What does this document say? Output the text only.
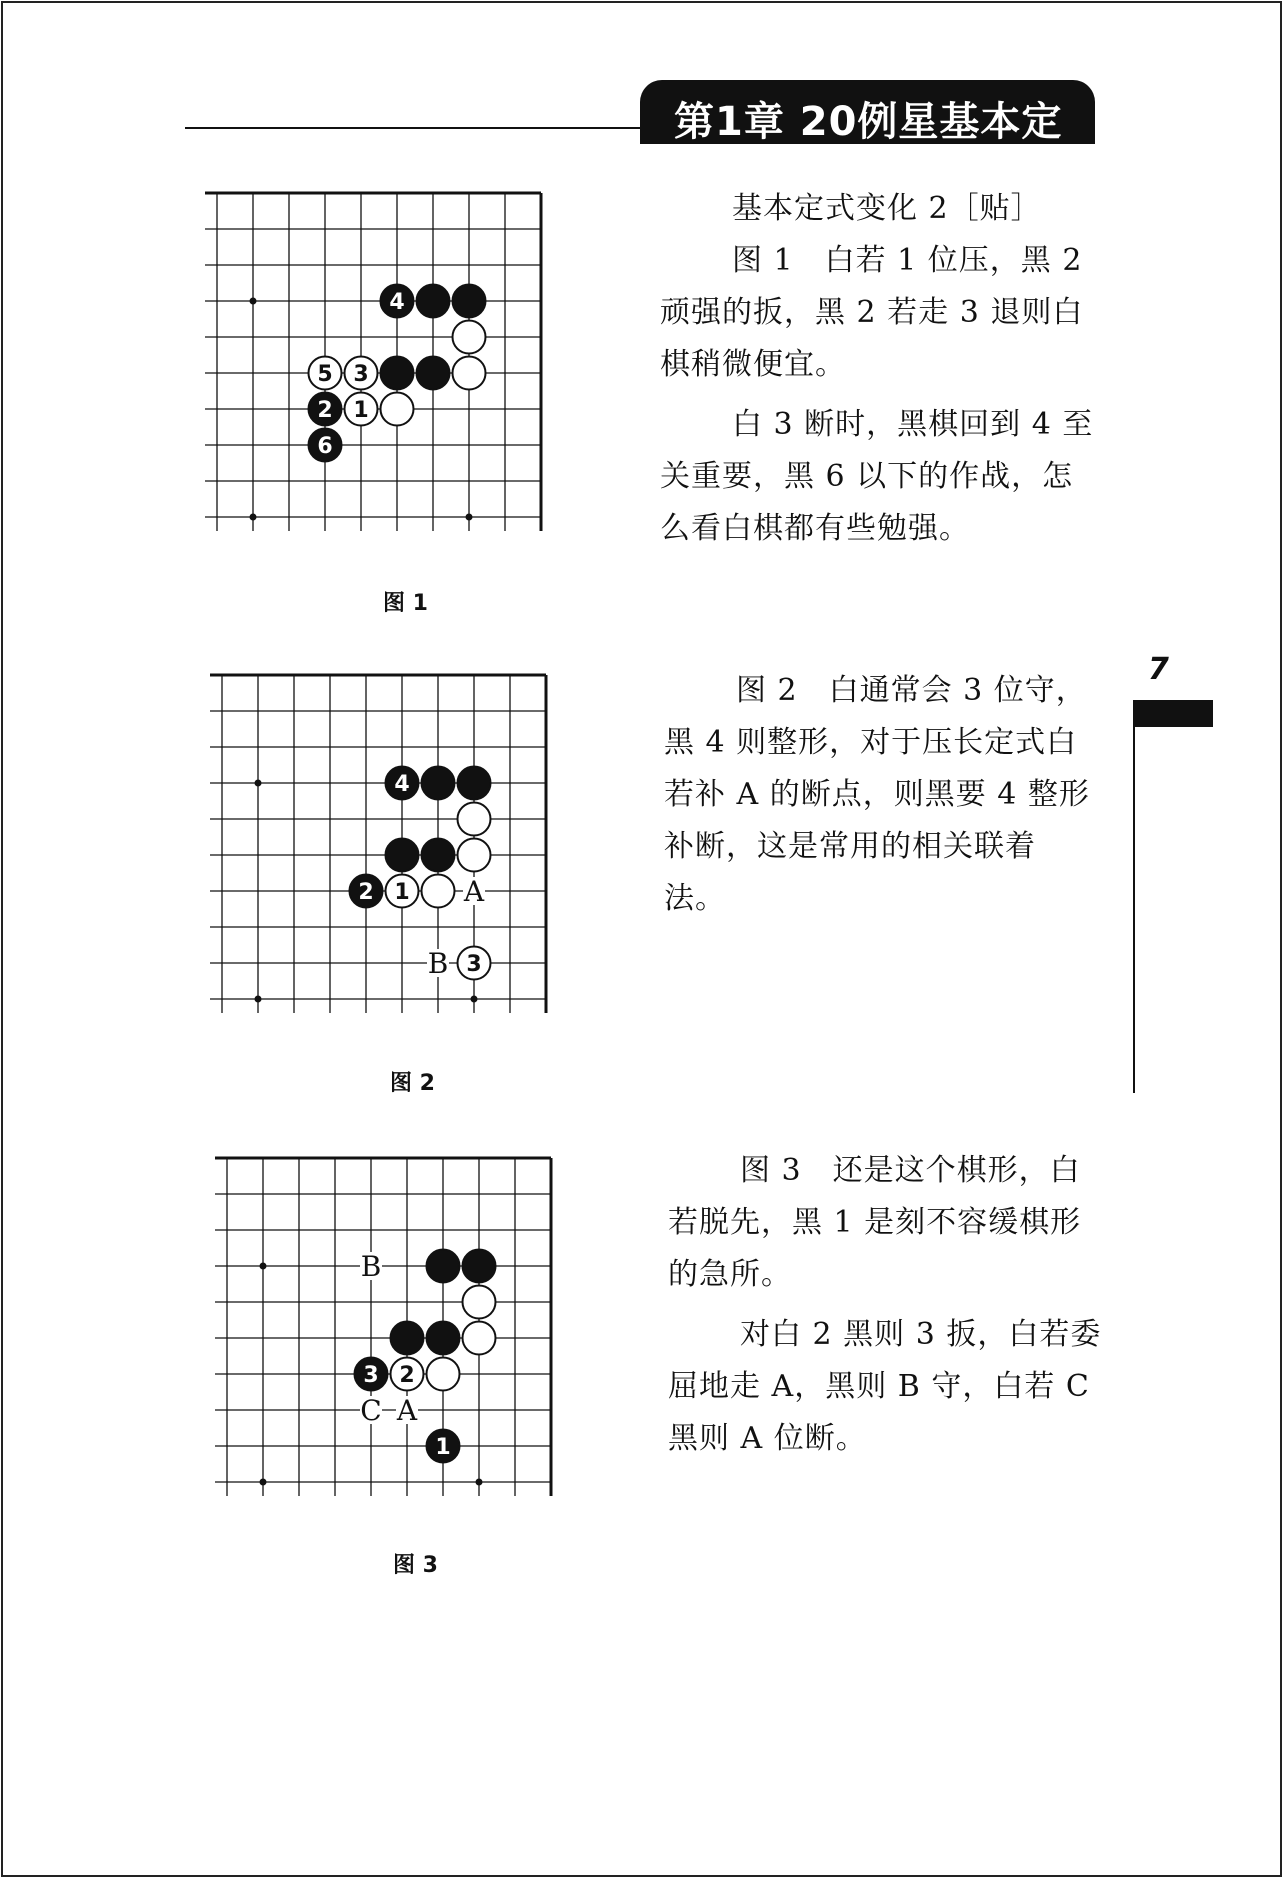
第1章 20例星基本定式
7
4
5 3
2 1
6
图 1
A
B
4
2 1
3
图 2
B
C A
3 2
1
图 3

基本定式变化 2［贴］

图 1　白若 1 位压，黑 2

顽强的扳，黑 2 若走 3 退则白

棋稍微便宜。

白 3 断时，黑棋回到 4 至

关重要，黑 6 以下的作战，怎

么看白棋都有些勉强。

图 2　白通常会 3 位守，

黑 4 则整形，对于压长定式白

若补 A 的断点，则黑要 4 整形

补断，这是常用的相关联着

法。

图 3　还是这个棋形，白

若脱先，黑 1 是刻不容缓棋形

的急所。

对白 2 黑则 3 扳，白若委

屈地走 A，黑则 B 守，白若 C

黑则 A 位断。
